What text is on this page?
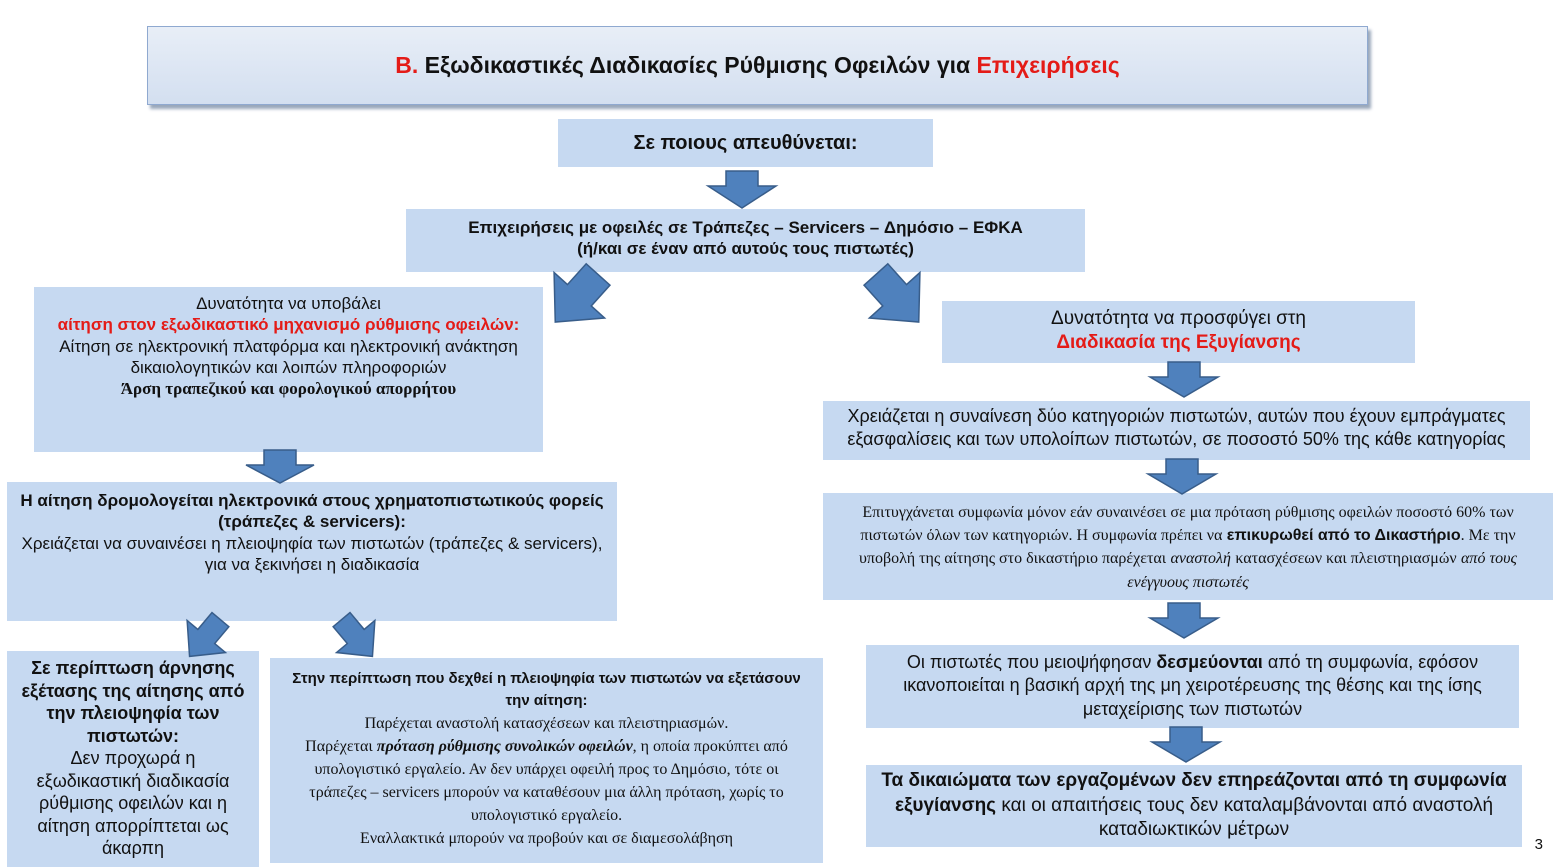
Β.
Εξωδικαστικές Διαδικασίες Ρύθμισης Οφειλών για
Επιχειρήσεις
Σε ποιους απευθύνεται:
Επιχειρήσεις με οφειλές σε Τράπεζες – Servicers – Δημόσιο – ΕΦΚΑ
(ή/και σε έναν από αυτούς τους πιστωτές)
Δυνατότητα να υποβάλει
αίτηση στον εξωδικαστικό μηχανισμό ρύθμισης οφειλών:
Αίτηση σε ηλεκτρονική πλατφόρμα και ηλεκτρονική ανάκτηση δικαιολογητικών και λοιπών πληροφοριών
Άρση τραπεζικού και φορολογικού απορρήτου
Η αίτηση δρομολογείται ηλεκτρονικά στους χρηματοπιστωτικούς φορείς
(τράπεζες & servicers):
Χρειάζεται να συναινέσει η πλειοψηφία των πιστωτών (τράπεζες & servicers), για να ξεκινήσει η διαδικασία
Σε περίπτωση άρνησης εξέτασης της αίτησης από την πλειοψηφία των πιστωτών:
Δεν προχωρά η εξωδικαστική διαδικασία ρύθμισης οφειλών και η αίτηση απορρίπτεται ως άκαρπη
Στην περίπτωση που δεχθεί η πλειοψηφία των πιστωτών να εξετάσουν την αίτηση:
Παρέχεται αναστολή κατασχέσεων και πλειστηριασμών.
Παρέχεται πρόταση ρύθμισης συνολικών οφειλών, η οποία προκύπτει από υπολογιστικό εργαλείο. Αν δεν υπάρχει οφειλή προς το Δημόσιο, τότε οι τράπεζες – servicers μπορούν να καταθέσουν μια άλλη πρόταση, χωρίς το υπολογιστικό εργαλείο.
Εναλλακτικά μπορούν να προβούν και σε διαμεσολάβηση
Δυνατότητα να προσφύγει στη
Διαδικασία της Εξυγίανσης
Χρειάζεται η συναίνεση δύο κατηγοριών πιστωτών, αυτών που έχουν εμπράγματες εξασφαλίσεις και των υπολοίπων πιστωτών, σε ποσοστό 50% της κάθε κατηγορίας
Επιτυγχάνεται συμφωνία μόνον εάν συναινέσει σε μια πρόταση ρύθμισης οφειλών ποσοστό 60% των πιστωτών όλων των κατηγοριών. Η συμφωνία πρέπει να επικυρωθεί από το Δικαστήριο. Με την υποβολή της αίτησης στο δικαστήριο παρέχεται αναστολή κατασχέσεων και πλειστηριασμών από τους ενέγγυους πιστωτές
Οι πιστωτές που μειοψήφησαν δεσμεύονται από τη συμφωνία, εφόσον ικανοποιείται η βασική αρχή της μη χειροτέρευσης της θέσης και της ίσης μεταχείρισης των πιστωτών
Τα δικαιώματα των εργαζομένων δεν επηρεάζονται από τη συμφωνία εξυγίανσης και οι απαιτήσεις τους δεν καταλαμβάνονται από αναστολή καταδιωκτικών μέτρων
3
